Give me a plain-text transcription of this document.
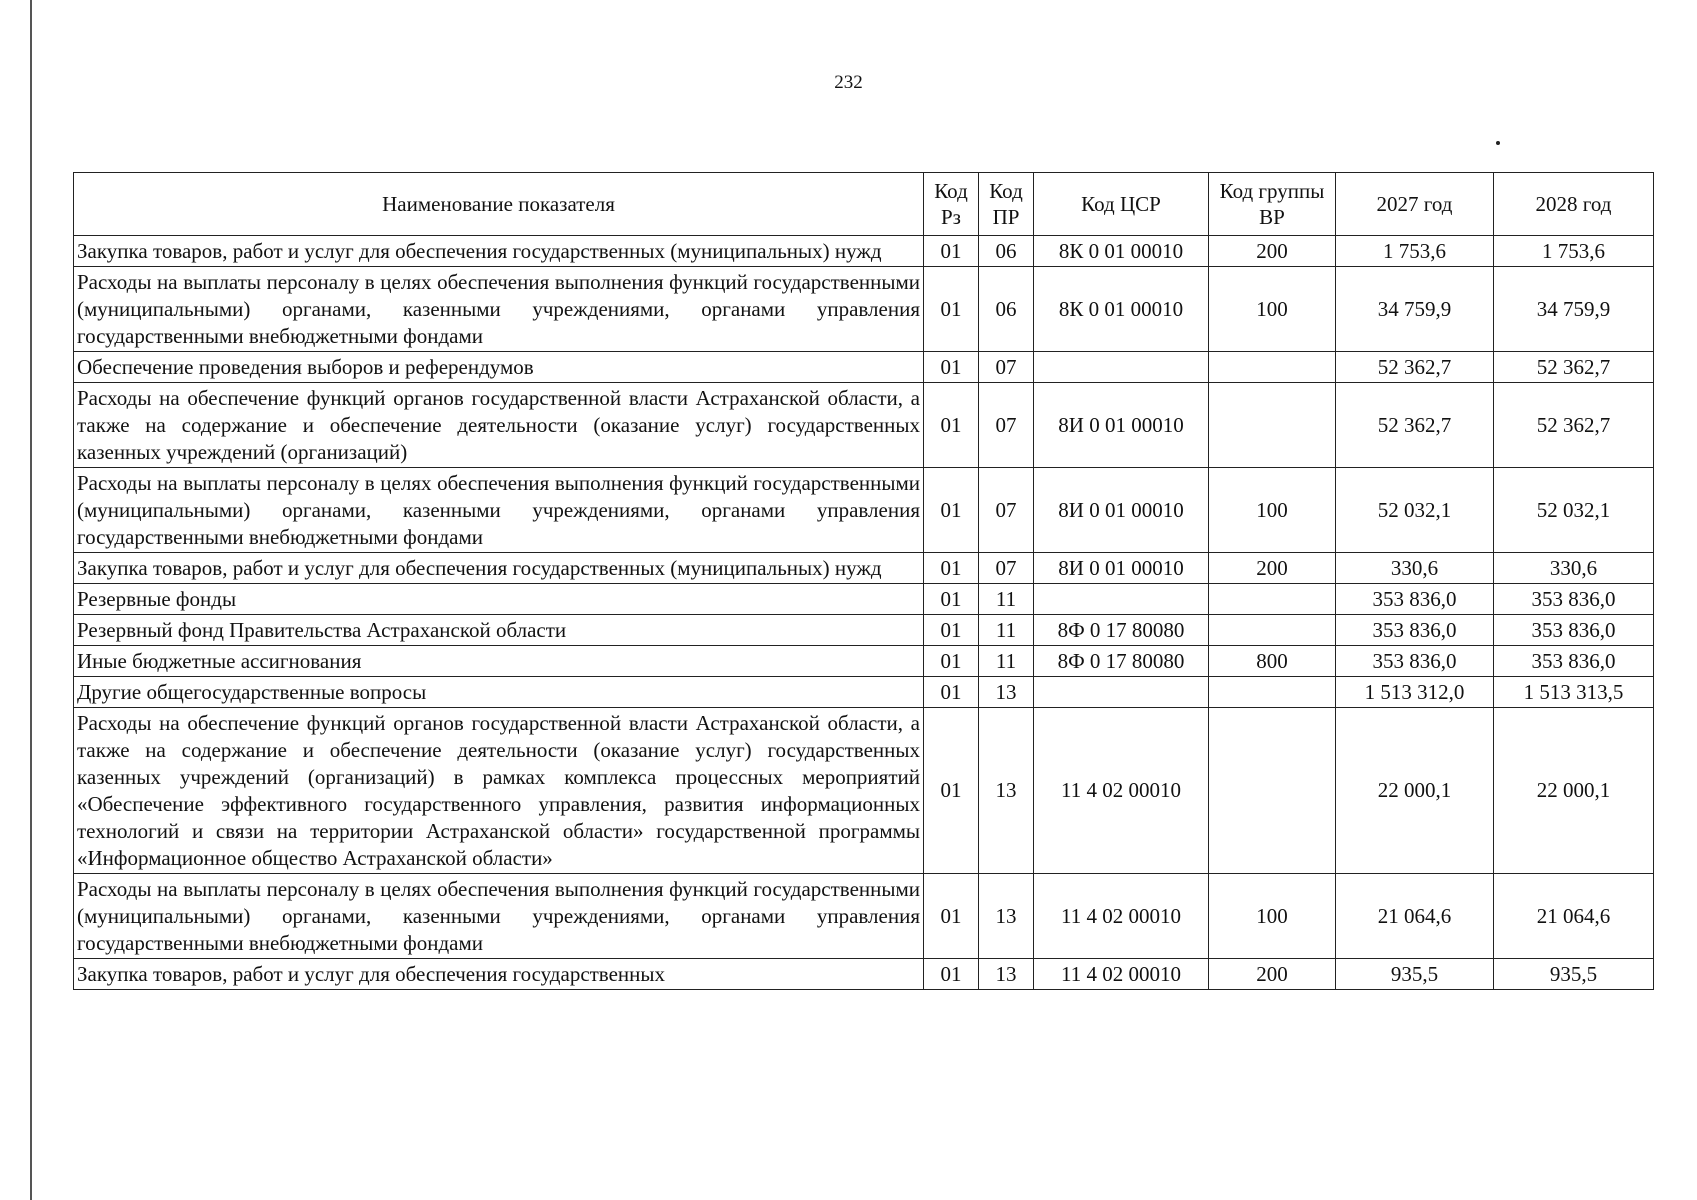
232
Наименование показателя	Код Рз	Код ПР	Код ЦСР	Код группы ВР	2027 год	2028 год
Закупка товаров, работ и услуг для обеспечения государственных (муниципальных) нужд	01	06	8К 0 01 00010	200	1 753,6	1 753,6
Расходы на выплаты персоналу в целях обеспечения выполнения функций государственными (муниципальными) органами, казенными учреждениями, органами управления государственными внебюджетными фондами	01	06	8К 0 01 00010	100	34 759,9	34 759,9
Обеспечение проведения выборов и референдумов	01	07			52 362,7	52 362,7
Расходы на обеспечение функций органов государственной власти Астраханской области, а также на содержание и обеспечение деятельности (оказание услуг) государственных казенных учреждений (организаций)	01	07	8И 0 01 00010		52 362,7	52 362,7
Расходы на выплаты персоналу в целях обеспечения выполнения функций государственными (муниципальными) органами, казенными учреждениями, органами управления государственными внебюджетными фондами	01	07	8И 0 01 00010	100	52 032,1	52 032,1
Закупка товаров, работ и услуг для обеспечения государственных (муниципальных) нужд	01	07	8И 0 01 00010	200	330,6	330,6
Резервные фонды	01	11			353 836,0	353 836,0
Резервный фонд Правительства Астраханской области	01	11	8Ф 0 17 80080		353 836,0	353 836,0
Иные бюджетные ассигнования	01	11	8Ф 0 17 80080	800	353 836,0	353 836,0
Другие общегосударственные вопросы	01	13			1 513 312,0	1 513 313,5
Расходы на обеспечение функций органов государственной власти Астраханской области, а также на содержание и обеспечение деятельности (оказание услуг) государственных казенных учреждений (организаций) в рамках комплекса процессных мероприятий «Обеспечение эффективного государственного управления, развития информационных технологий и связи на территории Астраханской области» государственной программы «Информационное общество Астраханской области»	01	13	11 4 02 00010		22 000,1	22 000,1
Расходы на выплаты персоналу в целях обеспечения выполнения функций государственными (муниципальными) органами, казенными учреждениями, органами управления государственными внебюджетными фондами	01	13	11 4 02 00010	100	21 064,6	21 064,6
Закупка товаров, работ и услуг для обеспечения государственных	01	13	11 4 02 00010	200	935,5	935,5
